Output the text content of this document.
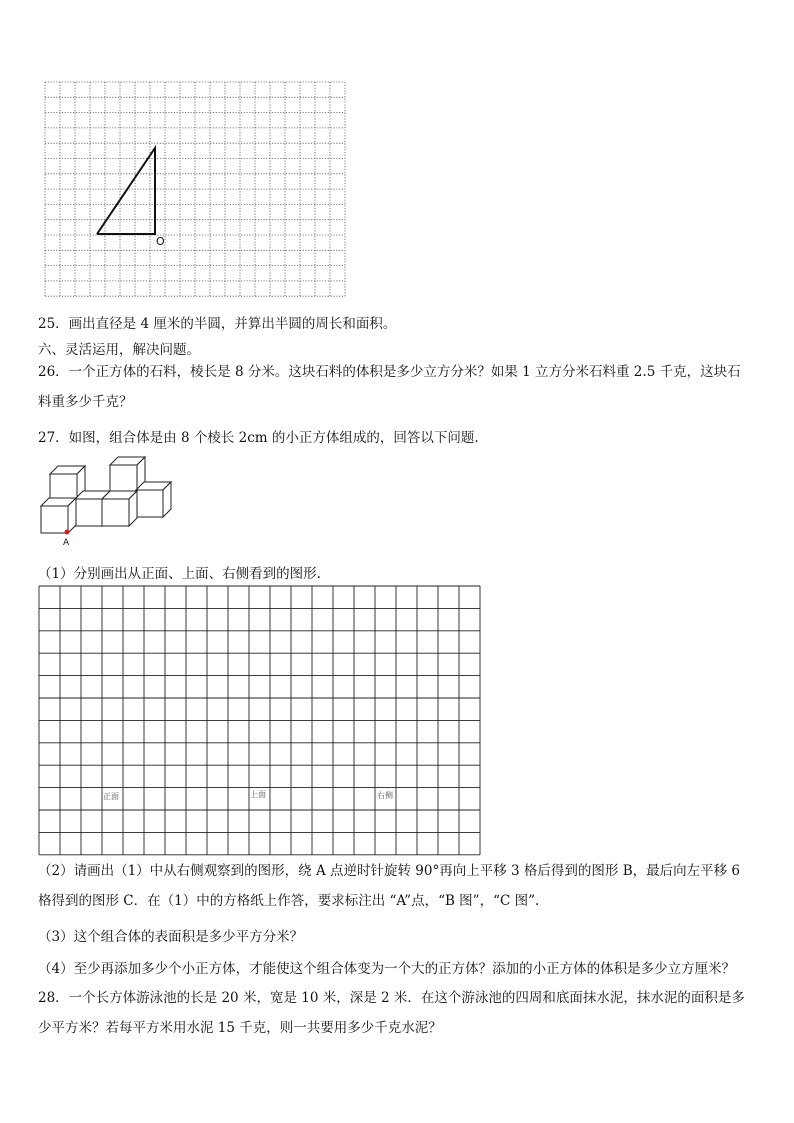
O
25．画出直径是 4 厘米的半圆，并算出半圆的周长和面积。
六、灵活运用，解决问题。
26．一个正方体的石料，棱长是 8 分米。这块石料的体积是多少立方分米？如果 1 立方分米石料重 2.5 千克，这块石料重多少千克？
27．如图，组合体是由 8 个棱长 2cm 的小正方体组成的，回答以下问题.
A
（1）分别画出从正面、上面、右侧看到的图形.
正面	上面	右侧
（2）请画出（1）中从右侧观察到的图形，绕 A 点逆时针旋转 90°再向上平移 3 格后得到的图形 B，最后向左平移 6 格得到的图形 C．在（1）中的方格纸上作答，要求标注出 “A”点，“B 图”，“C 图”.
（3）这个组合体的表面积是多少平方分米？
（4）至少再添加多少个小正方体，才能使这个组合体变为一个大的正方体？添加的小正方体的体积是多少立方厘米？
28．一个长方体游泳池的长是 20 米，宽是 10 米，深是 2 米．在这个游泳池的四周和底面抹水泥，抹水泥的面积是多少平方米？若每平方米用水泥 15 千克，则一共要用多少千克水泥？
